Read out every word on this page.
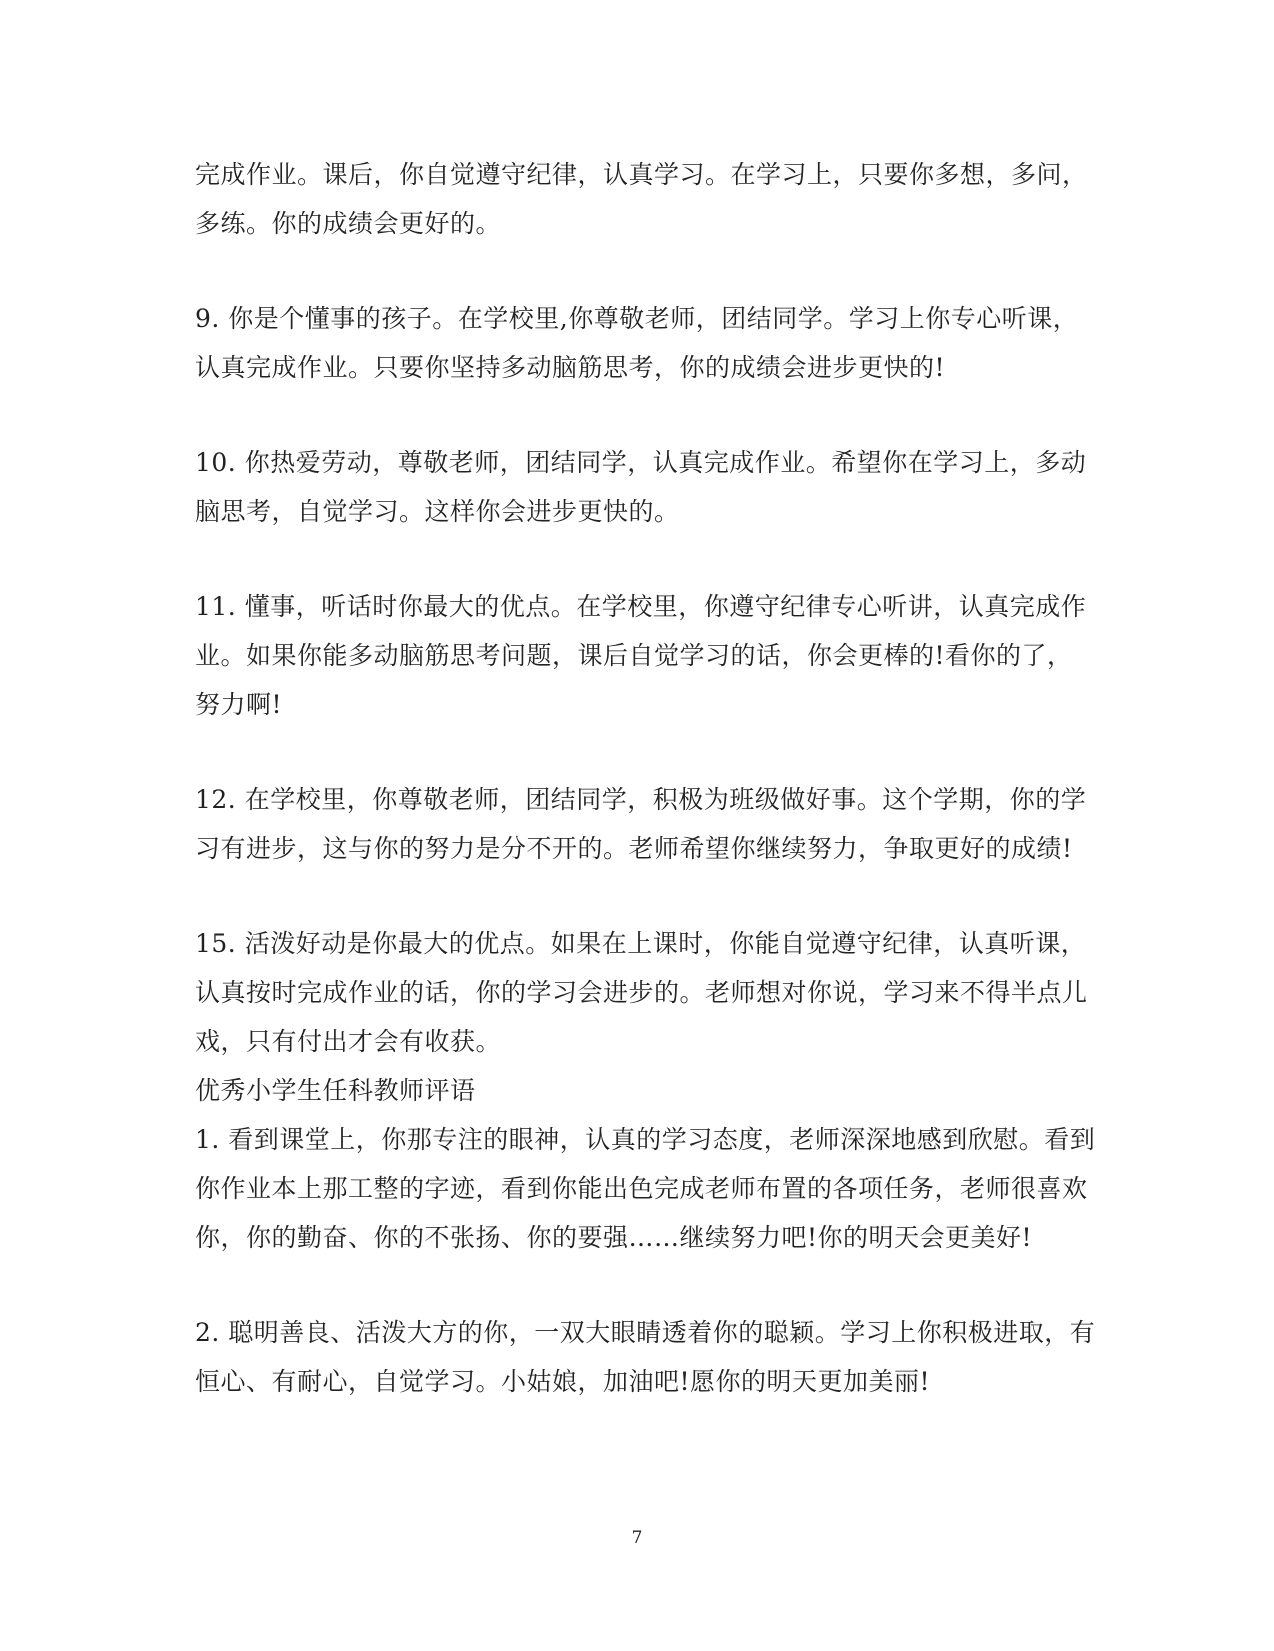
完成作业。课后，你自觉遵守纪律，认真学习。在学习上，只要你多想，多问，
多练。你的成绩会更好的。
9. 你是个懂事的孩子。在学校里,你尊敬老师，团结同学。学习上你专心听课，
认真完成作业。只要你坚持多动脑筋思考，你的成绩会进步更快的!
10. 你热爱劳动，尊敬老师，团结同学，认真完成作业。希望你在学习上，多动
脑思考，自觉学习。这样你会进步更快的。
11. 懂事，听话时你最大的优点。在学校里，你遵守纪律专心听讲，认真完成作
业。如果你能多动脑筋思考问题，课后自觉学习的话，你会更棒的!看你的了，
努力啊!
12. 在学校里，你尊敬老师，团结同学，积极为班级做好事。这个学期，你的学
习有进步，这与你的努力是分不开的。老师希望你继续努力，争取更好的成绩!
15. 活泼好动是你最大的优点。如果在上课时，你能自觉遵守纪律，认真听课，
认真按时完成作业的话，你的学习会进步的。老师想对你说，学习来不得半点儿
戏，只有付出才会有收获。
优秀小学生任科教师评语
1. 看到课堂上，你那专注的眼神，认真的学习态度，老师深深地感到欣慰。看到
你作业本上那工整的字迹，看到你能出色完成老师布置的各项任务，老师很喜欢
你，你的勤奋、你的不张扬、你的要强……继续努力吧!你的明天会更美好!
2. 聪明善良、活泼大方的你，一双大眼睛透着你的聪颖。学习上你积极进取，有
恒心、有耐心，自觉学习。小姑娘，加油吧!愿你的明天更加美丽!
7
